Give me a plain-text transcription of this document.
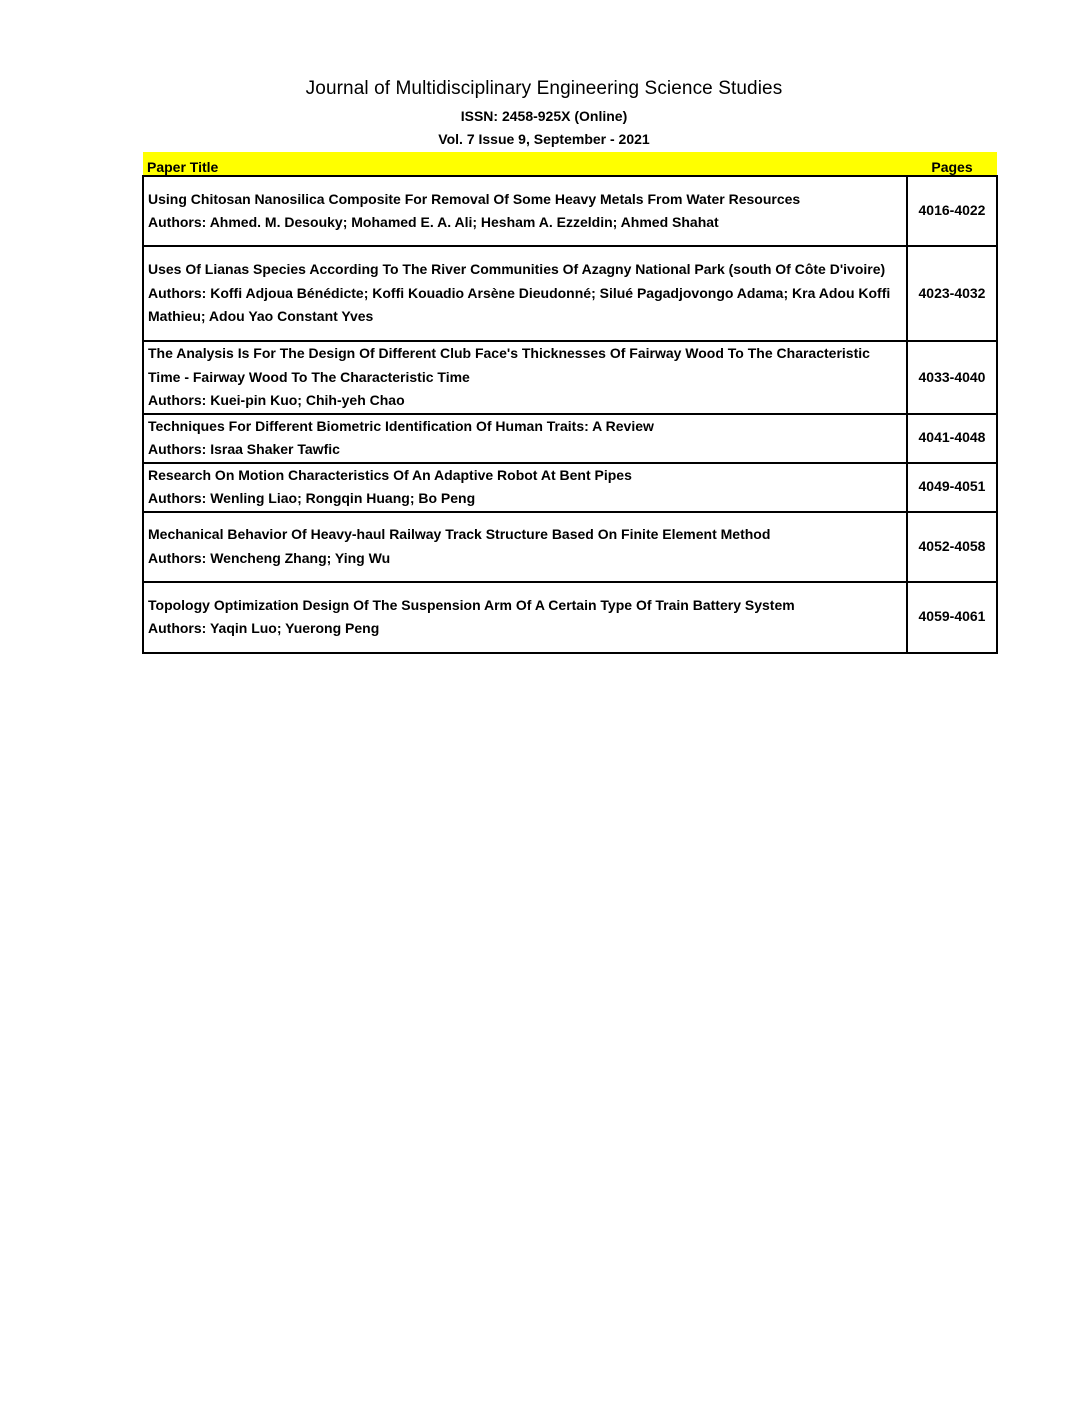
Journal of Multidisciplinary Engineering Science Studies
ISSN: 2458-925X (Online)
Vol. 7 Issue 9, September - 2021
Paper Title	Pages

Using Chitosan Nanosilica Composite For Removal Of Some Heavy Metals From Water Resources
Authors: Ahmed. M. Desouky; Mohamed E. A. Ali; Hesham A. Ezzeldin; Ahmed Shahat	4016-4022

Uses Of Lianas Species According To The River Communities Of Azagny National Park (south Of Côte D'ivoire)
Authors: Koffi Adjoua Bénédicte; Koffi Kouadio Arsène Dieudonné; Silué Pagadjovongo Adama; Kra Adou Koffi Mathieu; Adou Yao Constant Yves	4023-4032

The Analysis Is For The Design Of Different Club Face's Thicknesses Of Fairway Wood To The Characteristic Time - Fairway Wood To The Characteristic Time
Authors: Kuei-pin Kuo; Chih-yeh Chao	4033-4040

Techniques For Different Biometric Identification Of Human Traits: A Review
Authors: Israa Shaker Tawfic	4041-4048

Research On Motion Characteristics Of An Adaptive Robot At Bent Pipes
Authors: Wenling Liao; Rongqin Huang; Bo Peng	4049-4051

Mechanical Behavior Of Heavy-haul Railway Track Structure Based On Finite Element Method
Authors: Wencheng Zhang; Ying Wu	4052-4058

Topology Optimization Design Of The Suspension Arm Of A Certain Type Of Train Battery System
Authors: Yaqin Luo; Yuerong Peng	4059-4061
